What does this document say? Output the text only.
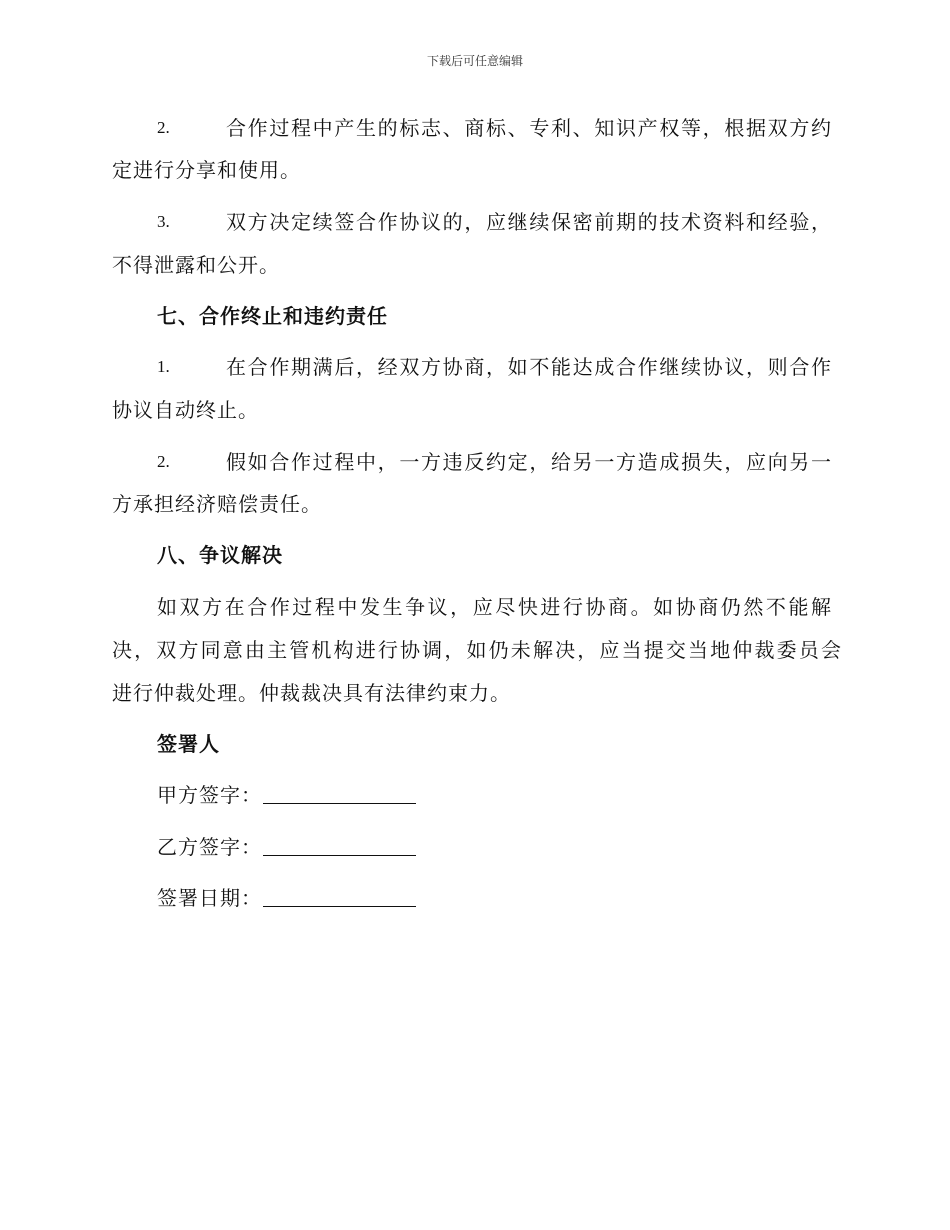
下载后可任意编辑
2.	合作过程中产生的标志、商标、专利、知识产权等，根据双方约
定进行分享和使用。
3.	双方决定续签合作协议的，应继续保密前期的技术资料和经验，
不得泄露和公开。
七、合作终止和违约责任
1.	在合作期满后，经双方协商，如不能达成合作继续协议，则合作
协议自动终止。
2.	假如合作过程中，一方违反约定，给另一方造成损失，应向另一
方承担经济赔偿责任。
八、争议解决
如双方在合作过程中发生争议，应尽快进行协商。如协商仍然不能解
决，双方同意由主管机构进行协调，如仍未解决，应当提交当地仲裁委员会
进行仲裁处理。仲裁裁决具有法律约束力。
签署人
甲方签字：
乙方签字：
签署日期：
